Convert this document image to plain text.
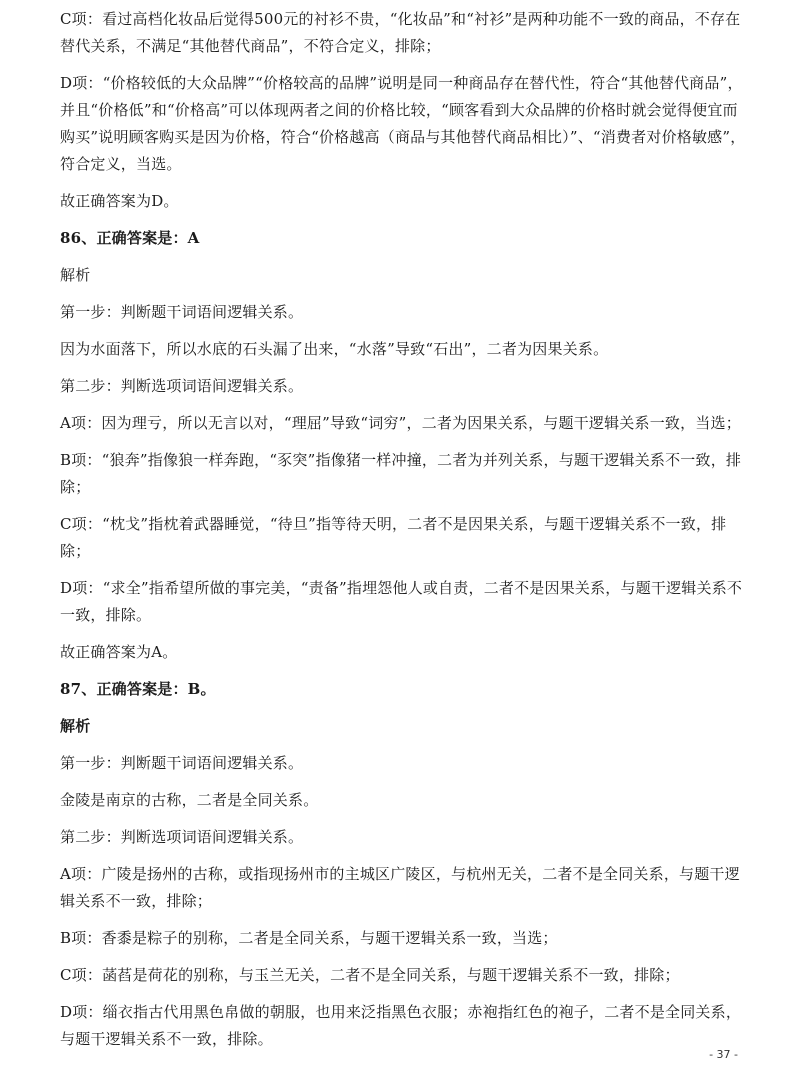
C项：看过高档化妆品后觉得500元的衬衫不贵，“化妆品”和“衬衫”是两种功能不一致的商品，不存在替代关系，不满足“其他替代商品”，不符合定义，排除；

D项：“价格较低的大众品牌”“价格较高的品牌”说明是同一种商品存在替代性，符合“其他替代商品”，并且“价格低”和“价格高”可以体现两者之间的价格比较，“顾客看到大众品牌的价格时就会觉得便宜而购买”说明顾客购买是因为价格，符合“价格越高（商品与其他替代商品相比）”、“消费者对价格敏感”，符合定义，当选。

故正确答案为D。

86、正确答案是：A

解析

第一步：判断题干词语间逻辑关系。

因为水面落下，所以水底的石头漏了出来，“水落”导致“石出”，二者为因果关系。

第二步：判断选项词语间逻辑关系。

A项：因为理亏，所以无言以对，“理屈”导致“词穷”，二者为因果关系，与题干逻辑关系一致，当选；

B项：“狼奔”指像狼一样奔跑，“豕突”指像猪一样冲撞，二者为并列关系，与题干逻辑关系不一致，排除；

C项：“枕戈”指枕着武器睡觉，“待旦”指等待天明，二者不是因果关系，与题干逻辑关系不一致，排除；

D项：“求全”指希望所做的事完美，“责备”指埋怨他人或自责，二者不是因果关系，与题干逻辑关系不一致，排除。

故正确答案为A。

87、正确答案是：B。

解析

第一步：判断题干词语间逻辑关系。

金陵是南京的古称，二者是全同关系。

第二步：判断选项词语间逻辑关系。

A项：广陵是扬州的古称，或指现扬州市的主城区广陵区，与杭州无关，二者不是全同关系，与题干逻辑关系不一致，排除；

B项：香黍是粽子的别称，二者是全同关系，与题干逻辑关系一致，当选；

C项：菡萏是荷花的别称，与玉兰无关，二者不是全同关系，与题干逻辑关系不一致，排除；

D项：缁衣指古代用黑色帛做的朝服，也用来泛指黑色衣服；赤袍指红色的袍子，二者不是全同关系，与题干逻辑关系不一致，排除。

- 37 -
